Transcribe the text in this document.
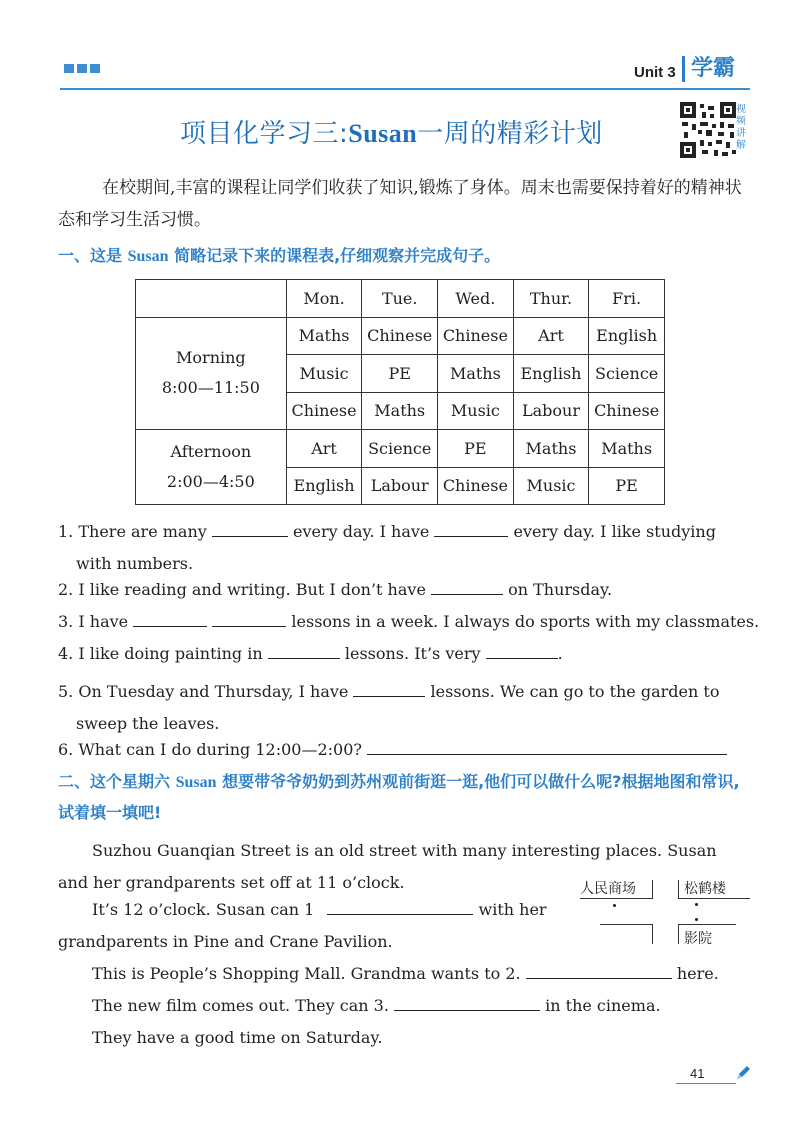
Unit 3 学霸
项目化学习三:Susan一周的精彩计划
视频讲解
在校期间,丰富的课程让同学们收获了知识,锻炼了身体。周末也需要保持着好的精神状态和学习生活习惯。
一、这是 Susan 简略记录下来的课程表,仔细观察并完成句子。
	Mon.	Tue.	Wed.	Thur.	Fri.

Morning
8:00—11:50	Maths	Chinese	Chinese	Art	English
	Music	PE	Maths	English	Science
	Chinese	Maths	Music	Labour	Chinese

Afternoon
2:00—4:50	Art	Science	PE	Maths	Maths
	English	Labour	Chinese	Music	PE
1. There are many	every day. I have	every day. I like studying
with numbers.
2. I like reading and writing. But I don’t have	on Thursday.
3. I have	lessons in a week. I always do sports with my classmates.
4. I like doing painting in	lessons. It’s very	.
5. On Tuesday and Thursday, I have	lessons. We can go to the garden to
sweep the leaves.
6. What can I do during 12:00—2:00?
二、这个星期六 Susan 想要带爷爷奶奶到苏州观前街逛一逛,他们可以做什么呢?根据地图和常识,试着填一填吧!
Suzhou Guanqian Street is an old street with many interesting places. Susan and her grandparents set off at 11 o’clock.
It’s 12 o’clock. Susan can 1	with her
grandparents in Pine and Crane Pavilion.
This is People’s Shopping Mall. Grandma wants to 2.	here.
The new film comes out. They can 3.	in the cinema.
They have a good time on Saturday.
人民商场	松鹤楼
影院
41
